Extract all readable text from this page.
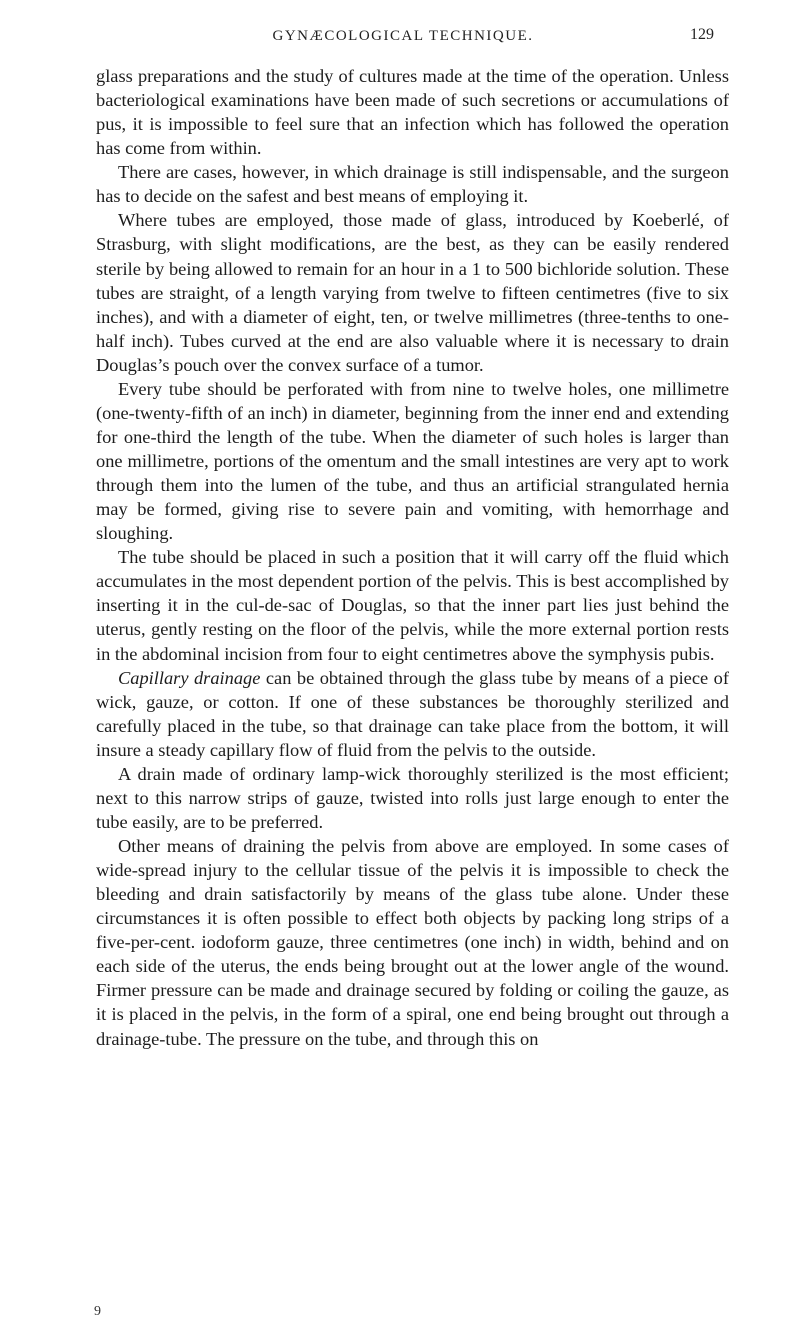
GYNÆCOLOGICAL TECHNIQUE.	129

glass preparations and the study of cultures made at the time of the operation. Unless bacteriological examinations have been made of such secretions or accumulations of pus, it is impossible to feel sure that an infection which has followed the operation has come from within.

There are cases, however, in which drainage is still indispensable, and the surgeon has to decide on the safest and best means of employing it.

Where tubes are employed, those made of glass, introduced by Koeberlé, of Strasburg, with slight modifications, are the best, as they can be easily rendered sterile by being allowed to remain for an hour in a 1 to 500 bichloride solution. These tubes are straight, of a length varying from twelve to fifteen centimetres (five to six inches), and with a diameter of eight, ten, or twelve millimetres (three-tenths to one-half inch). Tubes curved at the end are also valuable where it is necessary to drain Douglas’s pouch over the convex surface of a tumor.

Every tube should be perforated with from nine to twelve holes, one millimetre (one-twenty-fifth of an inch) in diameter, beginning from the inner end and extending for one-third the length of the tube. When the diameter of such holes is larger than one millimetre, portions of the omentum and the small intestines are very apt to work through them into the lumen of the tube, and thus an artificial strangulated hernia may be formed, giving rise to severe pain and vomiting, with hemorrhage and sloughing.

The tube should be placed in such a position that it will carry off the fluid which accumulates in the most dependent portion of the pelvis. This is best accomplished by inserting it in the cul-de-sac of Douglas, so that the inner part lies just behind the uterus, gently resting on the floor of the pelvis, while the more external portion rests in the abdominal incision from four to eight centimetres above the symphysis pubis.

Capillary drainage can be obtained through the glass tube by means of a piece of wick, gauze, or cotton. If one of these substances be thoroughly sterilized and carefully placed in the tube, so that drainage can take place from the bottom, it will insure a steady capillary flow of fluid from the pelvis to the outside.

A drain made of ordinary lamp-wick thoroughly sterilized is the most efficient; next to this narrow strips of gauze, twisted into rolls just large enough to enter the tube easily, are to be preferred.

Other means of draining the pelvis from above are employed. In some cases of wide-spread injury to the cellular tissue of the pelvis it is impossible to check the bleeding and drain satisfactorily by means of the glass tube alone. Under these circumstances it is often possible to effect both objects by packing long strips of a five-per-cent. iodoform gauze, three centimetres (one inch) in width, behind and on each side of the uterus, the ends being brought out at the lower angle of the wound. Firmer pressure can be made and drainage secured by folding or coiling the gauze, as it is placed in the pelvis, in the form of a spiral, one end being brought out through a drainage-tube. The pressure on the tube, and through this on

9
